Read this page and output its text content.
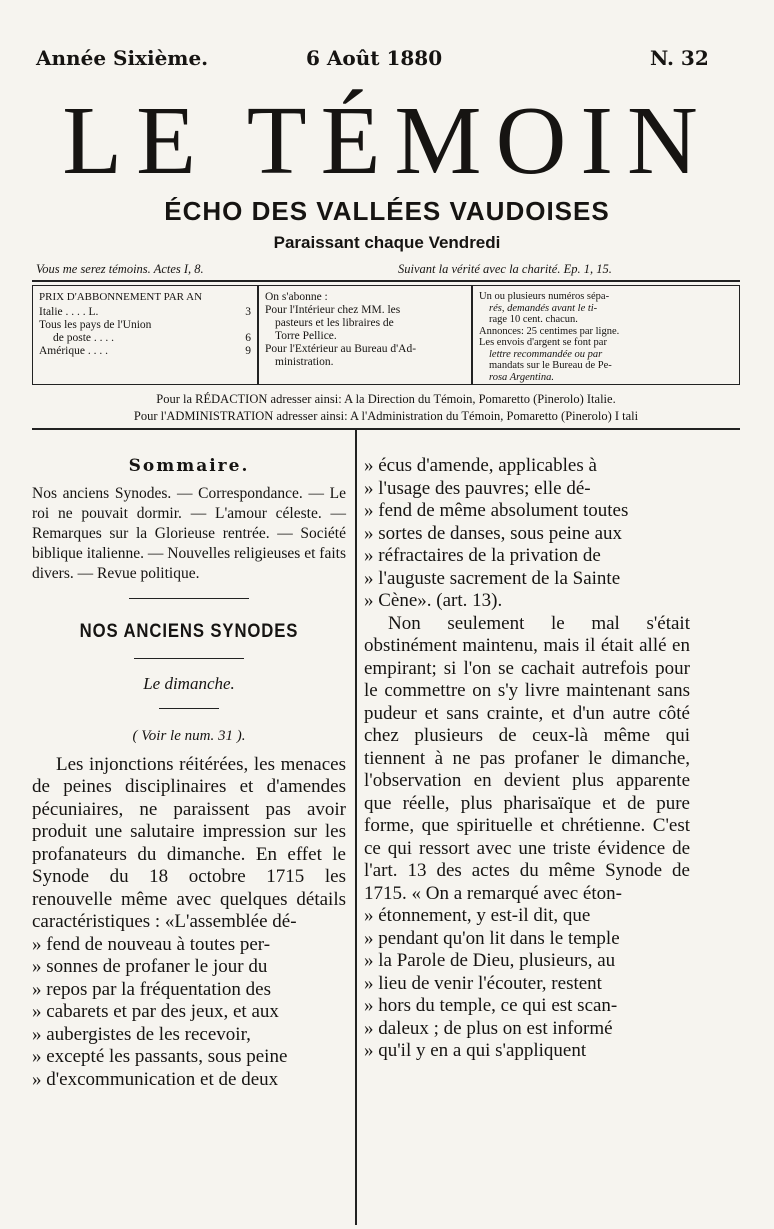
Année Sixième.	6 Août 1880	N. 32
LE TÉMOIN
ÉCHO DES VALLÉES VAUDOISES
Paraissant chaque Vendredi
Vous me serez témoins. Actes I, 8.	Suivant la vérité avec la charité. Ep. 1, 15.
PRIX D'ABBONNEMENT PAR AN
Italie . . . . L.	3
Tous les pays de l'Union
de poste . . . .	6
Amérique . . . .	9
On s'abonne :
Pour l'Intérieur chez MM. les
pasteurs et les libraires de
Torre Pellice.
Pour l'Extérieur au Bureau d'Ad-
ministration.
Un ou plusieurs numéros sépa-
rés, demandés avant le ti-
rage 10 cent. chacun.
Annonces: 25 centimes par ligne.
Les envois d'argent se font par
lettre recommandée ou par
mandats sur le Bureau de Pe-
rosa Argentina.
Pour la RÉDACTION adresser ainsi: A la Direction du Témoin, Pomaretto (Pinerolo) Italie.
Pour l'ADMINISTRATION adresser ainsi: A l'Administration du Témoin, Pomaretto (Pinerolo) I tali
Sommaire.

Nos anciens Synodes. — Correspondance. — Le roi ne pouvait dormir. — L'amour céleste. — Remarques sur la Glorieuse rentrée. — Société biblique italienne. — Nouvelles religieuses et faits divers. — Revue politique.

NOS ANCIENS SYNODES
Le dimanche.
( Voir le num. 31 ).

Les injonctions réitérées, les menaces de peines disciplinaires et d'amendes pécuniaires, ne paraissent pas avoir produit une salutaire impression sur les profanateurs du dimanche. En effet le Synode du 18 octobre 1715 les renouvelle même avec quelques détails caractéristiques : «L'assemblée dé-

» fend de nouveau à toutes per-
» sonnes de profaner le jour du
» repos par la fréquentation des
» cabarets et par des jeux, et aux
» aubergistes de les recevoir,
» excepté les passants, sous peine
» d'excommunication et de deux
» écus d'amende, applicables à
» l'usage des pauvres; elle dé-
» fend de même absolument toutes
» sortes de danses, sous peine aux
» réfractaires de la privation de
» l'auguste sacrement de la Sainte
» Cène». (art. 13).

Non seulement le mal s'était obstinément maintenu, mais il était allé en empirant; si l'on se cachait autrefois pour le commettre on s'y livre maintenant sans pudeur et sans crainte, et d'un autre côté chez plusieurs de ceux-là même qui tiennent à ne pas profaner le dimanche, l'observation en devient plus apparente que réelle, plus pharisaïque et de pure forme, que spirituelle et chrétienne. C'est ce qui ressort avec une triste évidence de l'art. 13 des actes du même Synode de 1715. « On a remarqué avec éton-

» étonnement, y est-il dit, que
» pendant qu'on lit dans le temple
» la Parole de Dieu, plusieurs, au
» lieu de venir l'écouter, restent
» hors du temple, ce qui est scan-
» daleux ; de plus on est informé
» qu'il y en a qui s'appliquent
